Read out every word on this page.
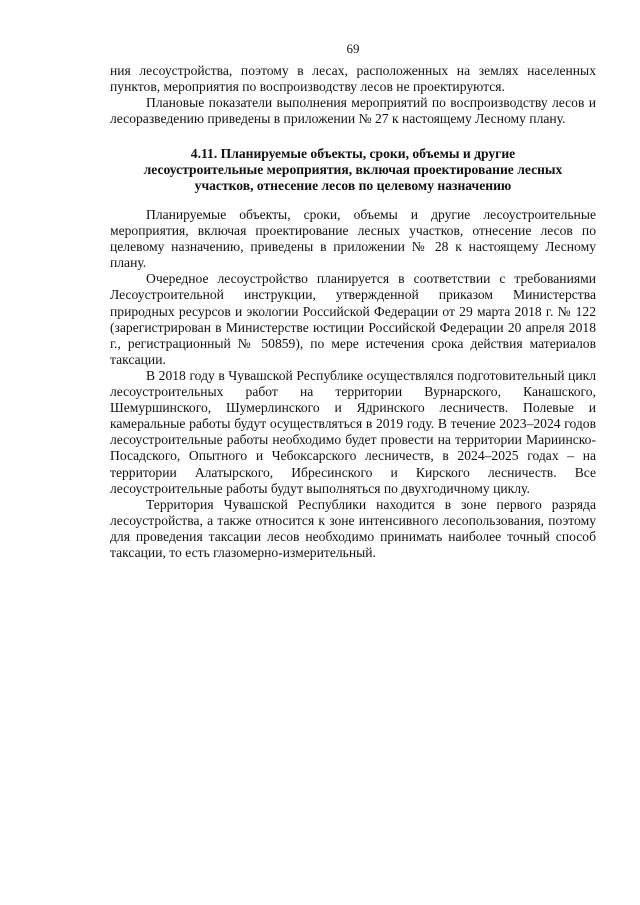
69

ния лесоустройства, поэтому в лесах, расположенных на землях населенных пунктов, мероприятия по воспроизводству лесов не проектируются.

Плановые показатели выполнения мероприятий по воспроизводству лесов и лесоразведению приведены в приложении № 27 к настоящему Лесному плану.

4.11. Планируемые объекты, сроки, объемы и другие
лесоустроительные мероприятия, включая проектирование лесных
участков, отнесение лесов по целевому назначению

Планируемые объекты, сроки, объемы и другие лесоустроительные мероприятия, включая проектирование лесных участков, отнесение лесов по целевому назначению, приведены в приложении № 28 к настоящему Лесному плану.

Очередное лесоустройство планируется в соответствии с требованиями Лесоустроительной инструкции, утвержденной приказом Министерства природных ресурсов и экологии Российской Федерации от 29 марта 2018 г. № 122 (зарегистрирован в Министерстве юстиции Российской Федерации 20 апреля 2018 г., регистрационный № 50859), по мере истечения срока действия материалов таксации.

В 2018 году в Чувашской Республике осуществлялся подготовительный цикл лесоустроительных работ на территории Вурнарского, Канашского, Шемуршинского, Шумерлинского и Ядринского лесничеств. Полевые и камеральные работы будут осуществляться в 2019 году. В течение 2023–2024 годов лесоустроительные работы необходимо будет провести на территории Мариинско-Посадского, Опытного и Чебоксарского лесничеств, в 2024–2025 годах – на территории Алатырского, Ибресинского и Кирского лесничеств. Все лесоустроительные работы будут выполняться по двухгодичному циклу.

Территория Чувашской Республики находится в зоне первого разряда лесоустройства, а также относится к зоне интенсивного лесопользования, поэтому для проведения таксации лесов необходимо принимать наиболее точный способ таксации, то есть глазомерно-измерительный.
